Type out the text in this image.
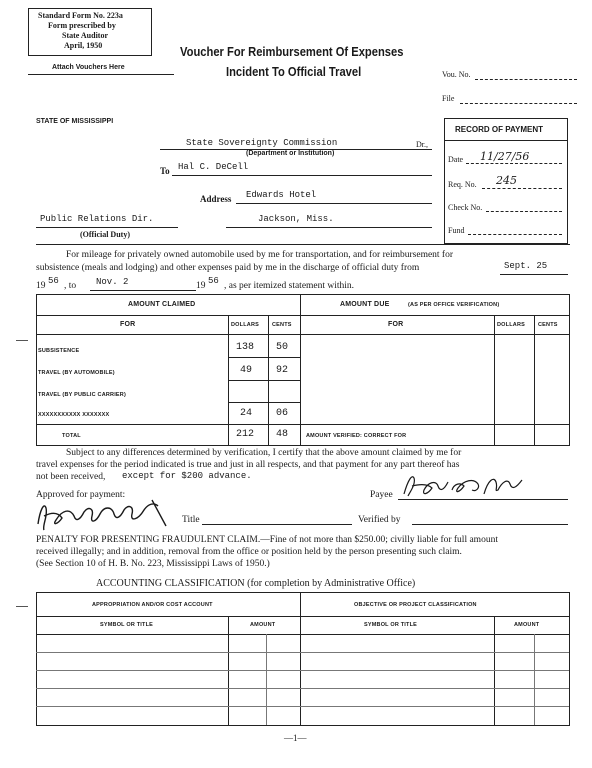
Standard Form No. 223a
Form prescribed by
State Auditor
April, 1950
Attach Vouchers Here
Voucher For Reimbursement Of Expenses
Incident To Official Travel	Vou. No.
File
STATE OF MISSISSIPPI
State Sovereignty Commission	Dr.,
(Department or Institution)
To Hal C. DeCell
Address Edwards Hotel
Jackson, Miss.
Public Relations Dir.
(Official Duty)
RECORD OF PAYMENT
Date 11/27/56
Req. No. 245
Check No.
Fund
For mileage for privately owned automobile used by me for transportation, and for reimbursement for
subsistence (meals and lodging) and other expenses paid by me in the discharge of official duty from	Sept. 25
19 56 , to Nov. 2	19 56 , as per itemized statement within.
AMOUNT CLAIMED	AMOUNT DUE	(AS PER OFFICE VERIFICATION)
FOR	DOLLARS CENTS	FOR	DOLLARS CENTS
SUBSISTENCE	138 50
TRAVEL (BY AUTOMOBILE)	49 92
TRAVEL (BY PUBLIC CARRIER)
XXXXXXXXXXX XXXXXXX	24 06
TOTAL	212 48	AMOUNT VERIFIED: CORRECT FOR
Subject to any differences determined by verification, I certify that the above amount claimed by me for
travel expenses for the period indicated is true and just in all respects, and that payment for any part thereof has
not been received, except for $200 advance.
Approved for payment:	Payee
Title	Verified by
PENALTY FOR PRESENTING FRAUDULENT CLAIM.—Fine of not more than $250.00; civilly liable for full amount
received illegally; and in addition, removal from the office or position held by the person presenting such claim.
(See Section 10 of H. B. No. 223, Mississippi Laws of 1950.)
ACCOUNTING CLASSIFICATION (for completion by Administrative Office)
APPROPRIATION AND/OR COST ACCOUNT	OBJECTIVE OR PROJECT CLASSIFICATION
SYMBOL OR TITLE	AMOUNT	SYMBOL OR TITLE	AMOUNT
—1—
